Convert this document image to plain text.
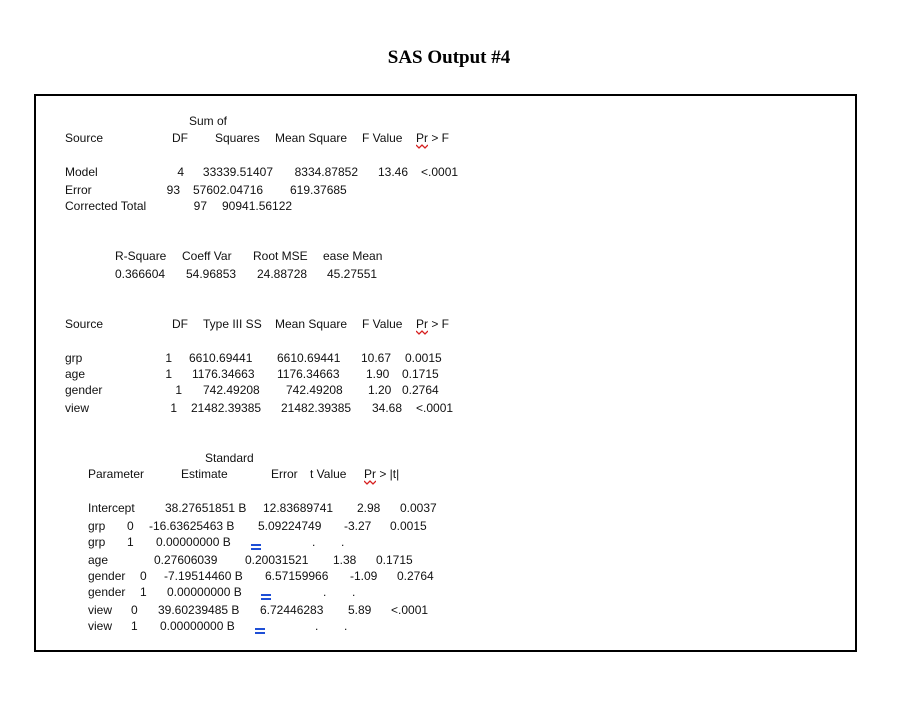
SAS Output #4
Sum of
Source	DF Squares Mean Square F Value Pr > F
Model	4	33339.51407	8334.87852	13.46 <.0001
Error	93 57602.04716 619.37685
Corrected Total	97 90941.56122
R-Square Coeff Var Root MSE ease Mean
0.366604 54.96853 24.88728 45.27551
Source	DF Type III SS Mean Square F Value Pr > F
grp	1 6610.69441 6610.69441 10.67 0.0015
age	1 1176.34663 1176.34663 1.90 0.1715
gender	1 742.49208 742.49208 1.20 0.2764
view	1 21482.39385 21482.39385 34.68 <.0001
Standard
Parameter	Estimate	Error t Value Pr > |t|
Intercept	38.27651851 B 12.83689741 2.98 0.0037
grp 0 -16.63625463 B 5.09224749 -3.27 0.0015
grp 1 0.00000000 B	. .
age	0.27606039 0.20031521 1.38 0.1715
gender 0 -7.19514460 B 6.57159966 -1.09 0.2764
gender 1 0.00000000 B	. .
view 0 39.60239485 B 6.72446283 5.89 <.0001
view 1 0.00000000 B	. .
